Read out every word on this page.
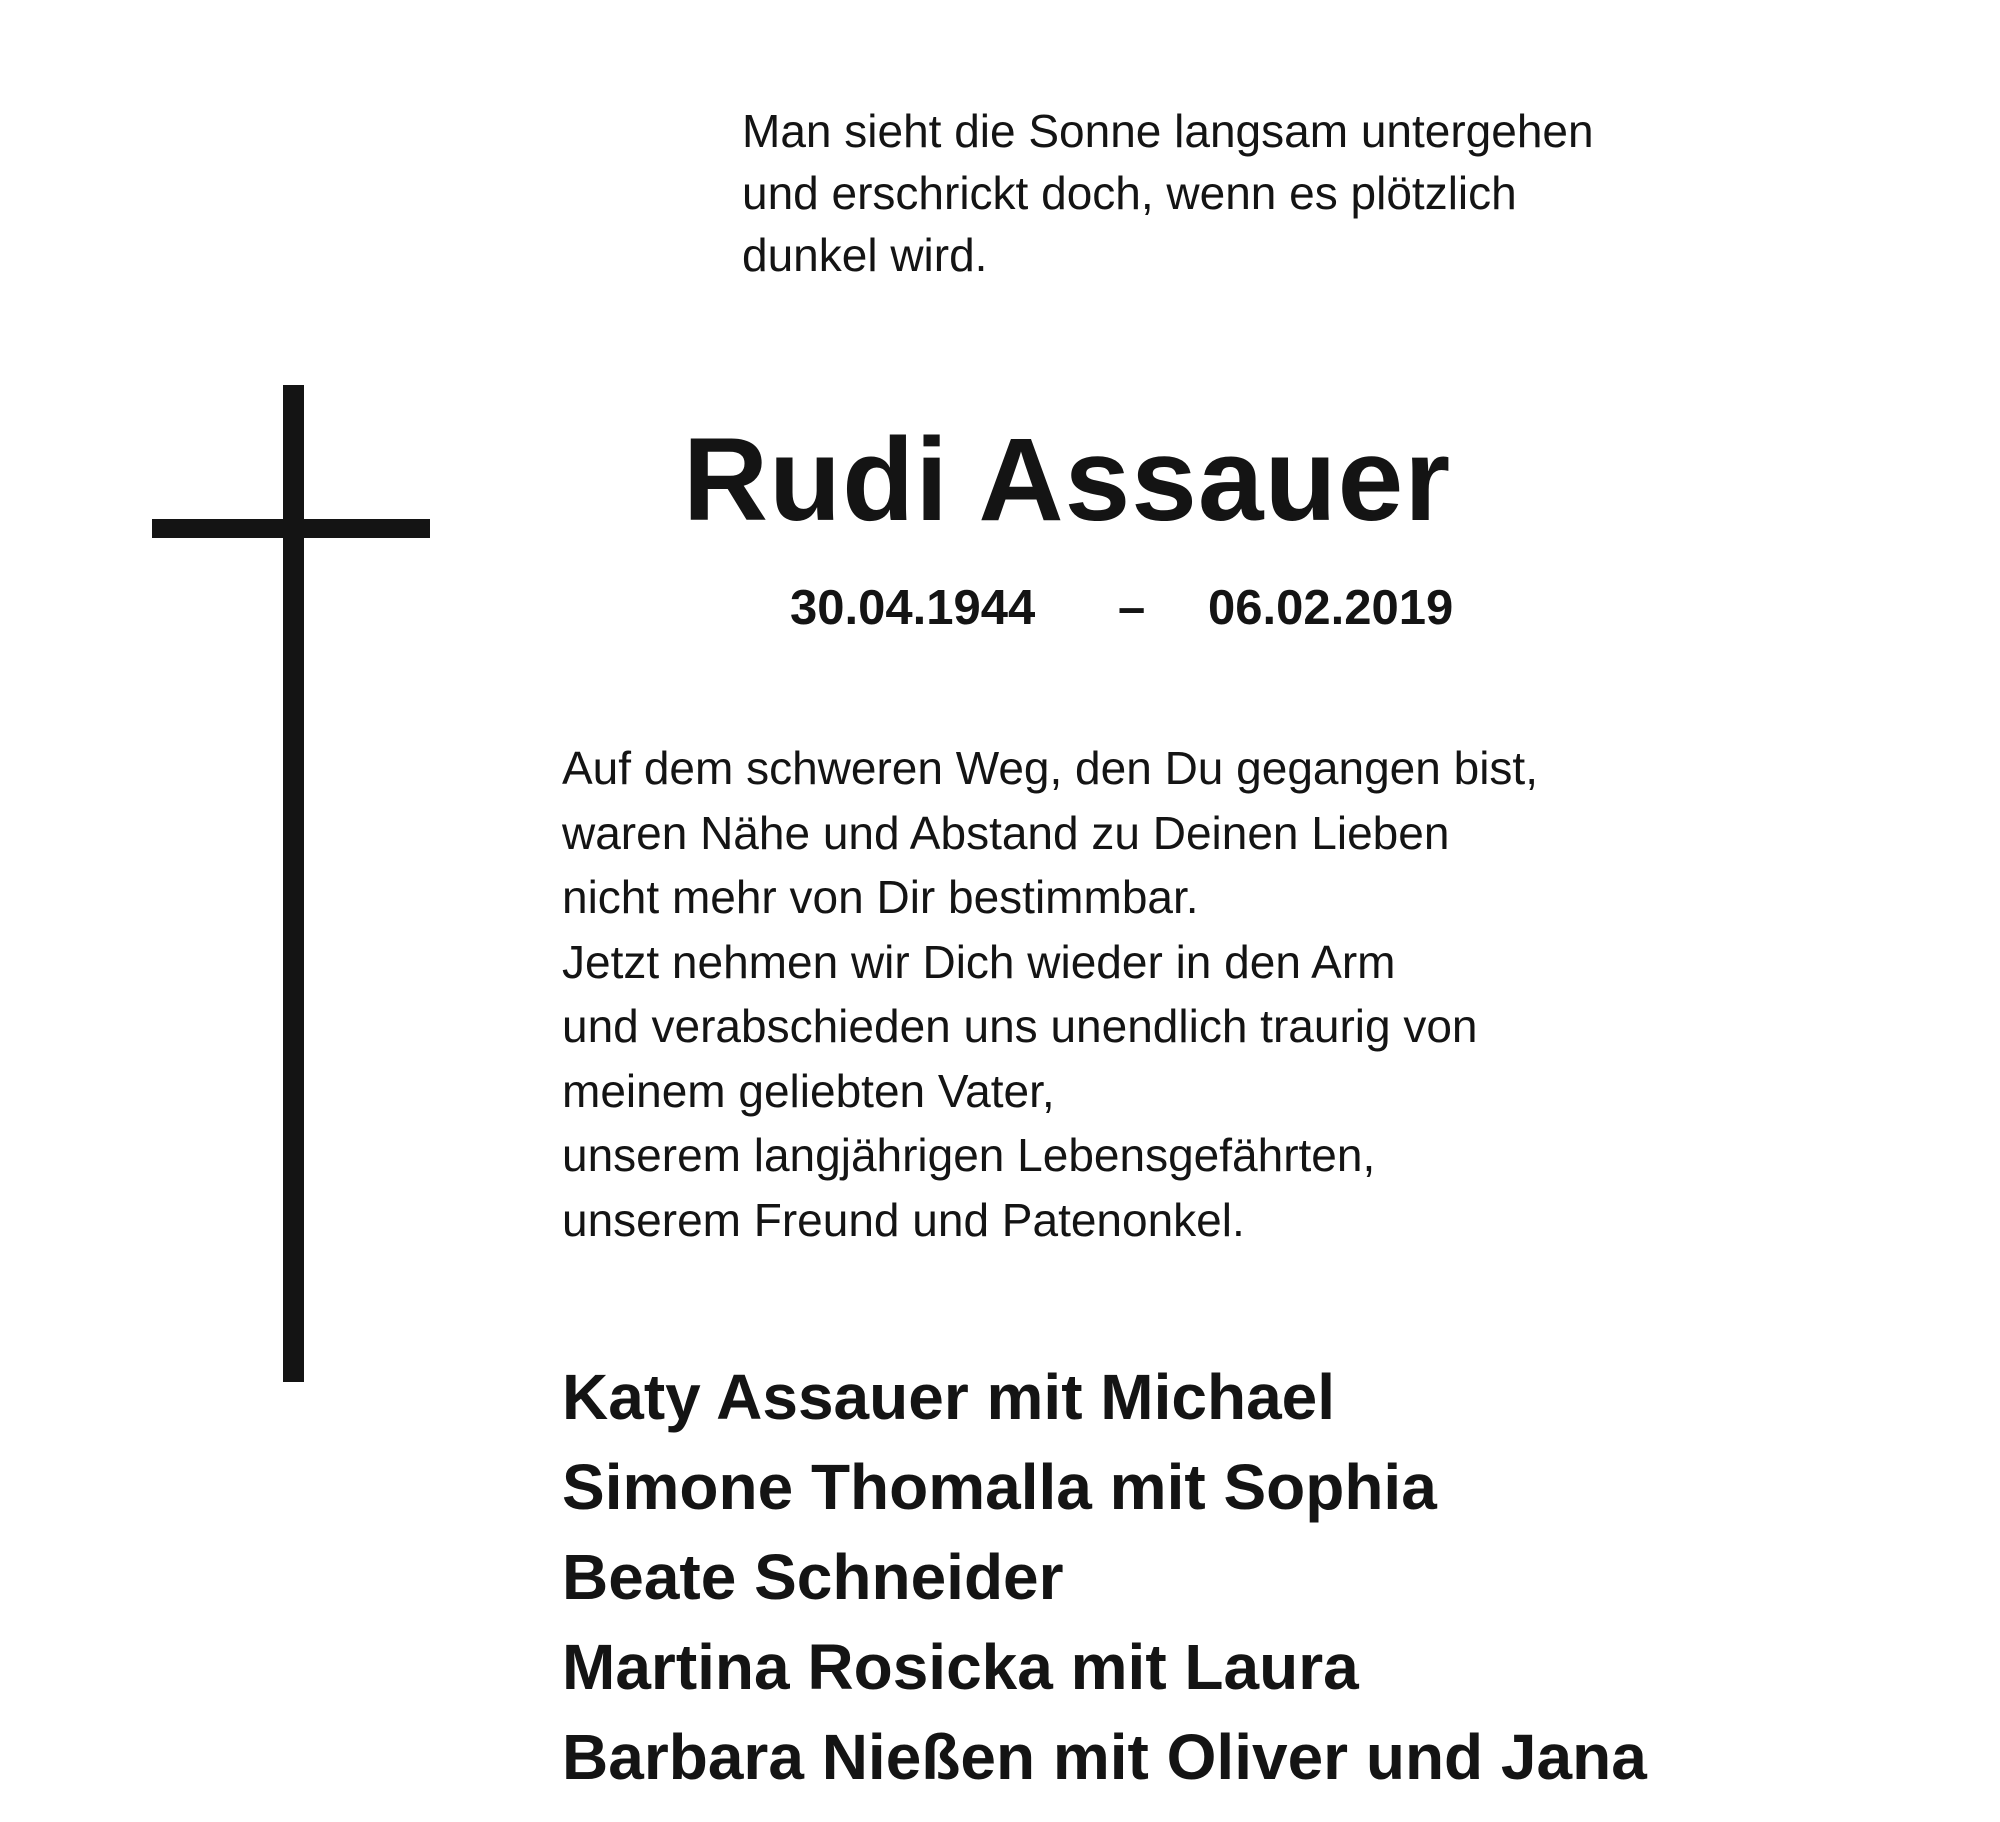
Man sieht die Sonne langsam untergehen
und erschrickt doch, wenn es plötzlich
dunkel wird.

Rudi Assauer
30.04.1944 – 06.02.2019

Auf dem schweren Weg, den Du gegangen bist,
waren Nähe und Abstand zu Deinen Lieben
nicht mehr von Dir bestimmbar.
Jetzt nehmen wir Dich wieder in den Arm
und verabschieden uns unendlich traurig von
meinem geliebten Vater,
unserem langjährigen Lebensgefährten,
unserem Freund und Patenonkel.

Katy Assauer mit Michael
Simone Thomalla mit Sophia
Beate Schneider
Martina Rosicka mit Laura
Barbara Nießen mit Oliver und Jana
